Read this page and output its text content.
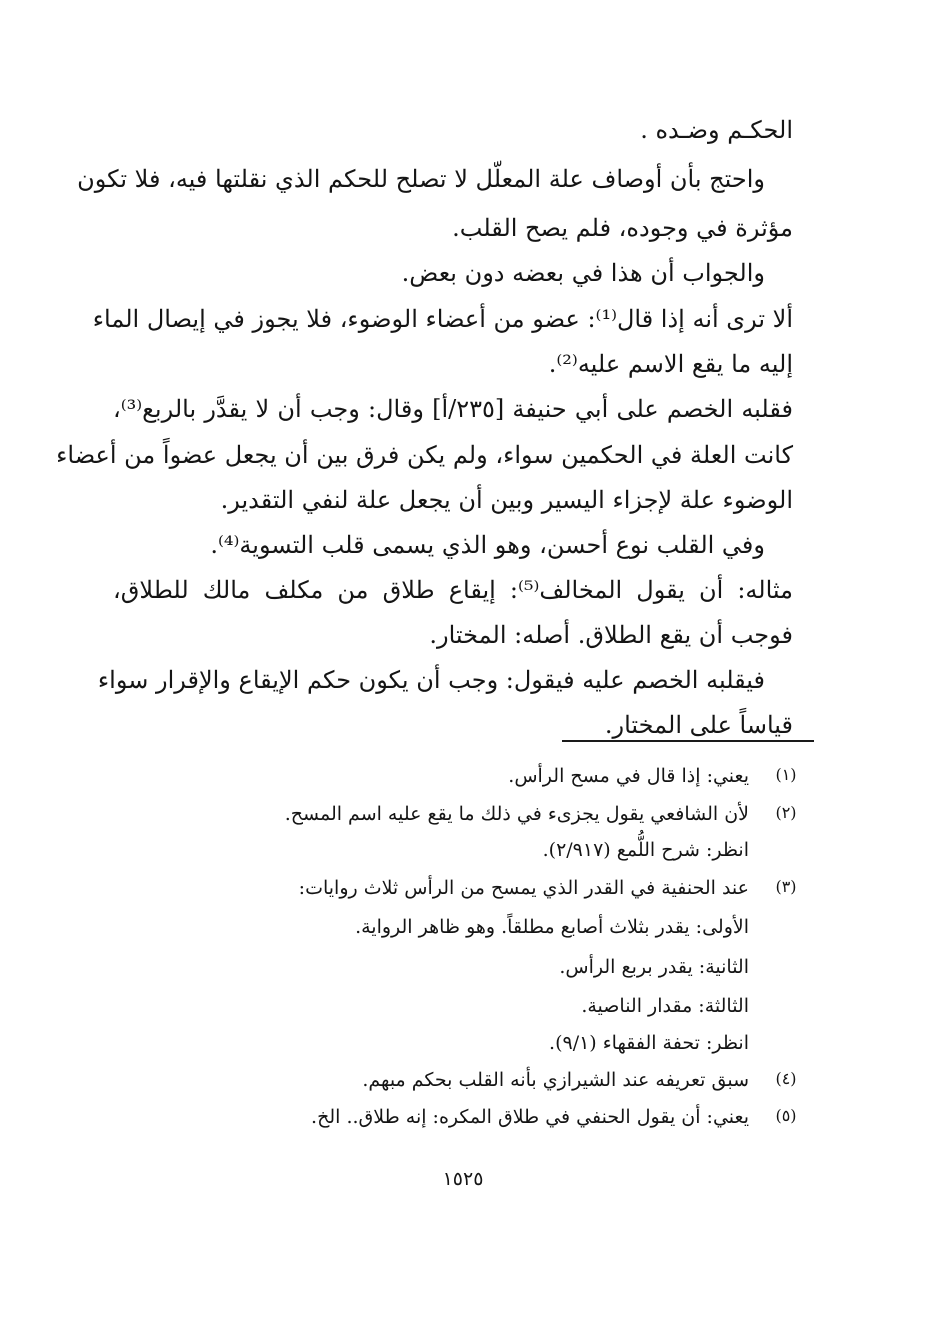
الحكـم وضـده .
واحتج بأن أوصاف علة المعلّل لا تصلح للحكم الذي نقلتها فيه، فلا تكون
مؤثرة في وجوده، فلم يصح القلب.
والجواب أن هذا في بعضه دون بعض.
ألا ترى أنه إذا قال⁽¹⁾: عضو من أعضاء الوضوء، فلا يجوز في إيصال الماء
إليه ما يقع الاسم عليه⁽²⁾.
فقلبه الخصم على أبي حنيفة [٢٣٥/أ] وقال: وجب أن لا يقدَّر بالربع⁽³⁾،
كانت العلة في الحكمين سواء، ولم يكن فرق بين أن يجعل عضواً من أعضاء
الوضوء علة لإجزاء اليسير وبين أن يجعل علة لنفي التقدير.
وفي القلب نوع أحسن، وهو الذي يسمى قلب التسوية⁽⁴⁾.
مثاله: أن يقول المخالف⁽⁵⁾: إيقاع طلاق من مكلف مالك للطلاق،
فوجب أن يقع الطلاق. أصله: المختار.
فيقلبه الخصم عليه فيقول: وجب أن يكون حكم الإيقاع والإقرار سواء
قياساً على المختار.
(١)
يعني: إذا قال في مسح الرأس.
(٢)
لأن الشافعي يقول يجزىء في ذلك ما يقع عليه اسم المسح.
انظر: شرح اللُّمع (٢/٩١٧).
(٣)
عند الحنفية في القدر الذي يمسح من الرأس ثلاث روايات:
الأولى: يقدر بثلاث أصابع مطلقاً. وهو ظاهر الرواية.
الثانية: يقدر بربع الرأس.
الثالثة: مقدار الناصية.
انظر: تحفة الفقهاء (٩/١).
(٤)
سبق تعريفه عند الشيرازي بأنه القلب بحكم مبهم.
(٥)
يعني: أن يقول الحنفي في طلاق المكره: إنه طلاق.. الخ.
١٥٢٥
